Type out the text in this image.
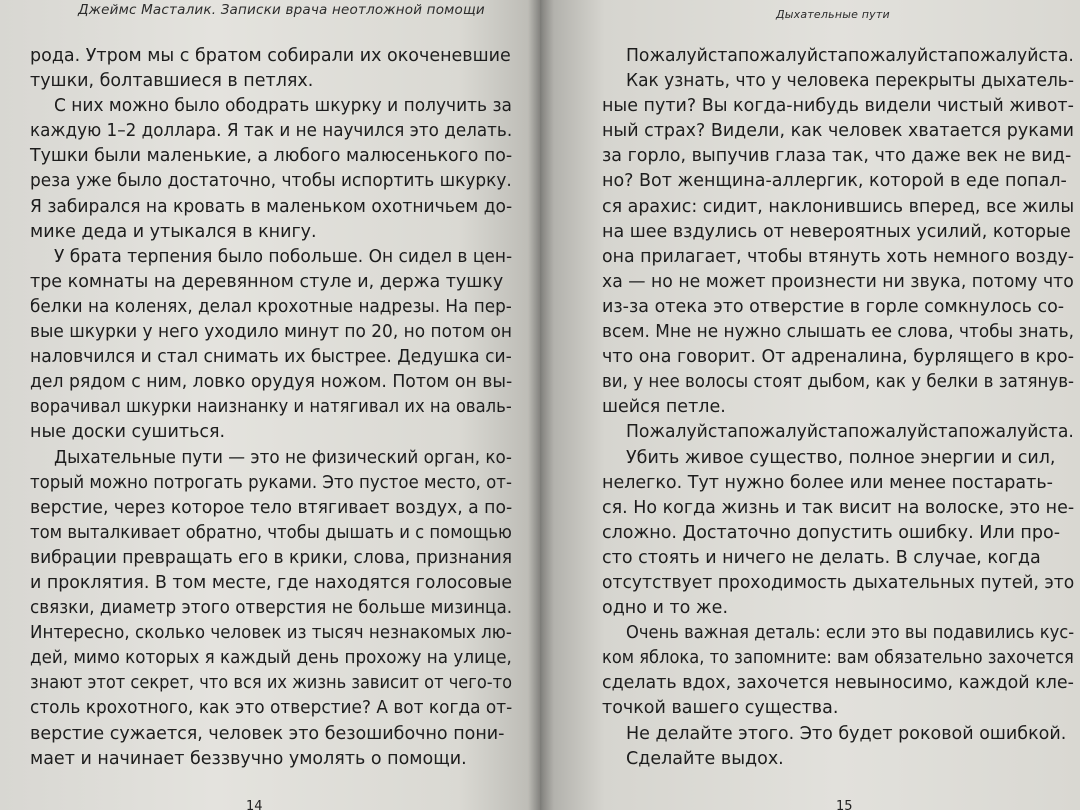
Джеймс Масталик. Записки врача неотложной помощи
рода. Утром мы с братом собирали их окоченевшие
тушки, болтавшиеся в петлях.
С них можно было ободрать шкурку и получить за
каждую 1–2 доллара. Я так и не научился это делать.
Тушки были маленькие, а любого малюсенького по-
реза уже было достаточно, чтобы испортить шкурку.
Я забирался на кровать в маленьком охотничьем до-
мике деда и утыкался в книгу.
У брата терпения было побольше. Он сидел в цен-
тре комнаты на деревянном стуле и, держа тушку
белки на коленях, делал крохотные надрезы. На пер-
вые шкурки у него уходило минут по 20, но потом он
наловчился и стал снимать их быстрее. Дедушка си-
дел рядом с ним, ловко орудуя ножом. Потом он вы-
ворачивал шкурки наизнанку и натягивал их на оваль-
ные доски сушиться.
Дыхательные пути — это не физический орган, ко-
торый можно потрогать руками. Это пустое место, от-
верстие, через которое тело втягивает воздух, а по-
том выталкивает обратно, чтобы дышать и с помощью
вибрации превращать его в крики, слова, признания
и проклятия. В том месте, где находятся голосовые
связки, диаметр этого отверстия не больше мизинца.
Интересно, сколько человек из тысяч незнакомых лю-
дей, мимо которых я каждый день прохожу на улице,
знают этот секрет, что вся их жизнь зависит от чего-то
столь крохотного, как это отверстие? А вот когда от-
верстие сужается, человек это безошибочно пони-
мает и начинает беззвучно умолять о помощи.
14
Дыхательные пути
Пожалуйстапожалуйстапожалуйстапожалуйста.
Как узнать, что у человека перекрыты дыхатель-
ные пути? Вы когда-нибудь видели чистый живот-
ный страх? Видели, как человек хватается руками
за горло, выпучив глаза так, что даже век не вид-
но? Вот женщина-аллергик, которой в еде попал-
ся арахис: сидит, наклонившись вперед, все жилы
на шее вздулись от невероятных усилий, которые
она прилагает, чтобы втянуть хоть немного возду-
ха — но не может произнести ни звука, потому что
из-за отека это отверстие в горле сомкнулось со-
всем. Мне не нужно слышать ее слова, чтобы знать,
что она говорит. От адреналина, бурлящего в кро-
ви, у нее волосы стоят дыбом, как у белки в затянув-
шейся петле.
Пожалуйстапожалуйстапожалуйстапожалуйста.
Убить живое существо, полное энергии и сил,
нелегко. Тут нужно более или менее постарать-
ся. Но когда жизнь и так висит на волоске, это не-
сложно. Достаточно допустить ошибку. Или про-
сто стоять и ничего не делать. В случае, когда
отсутствует проходимость дыхательных путей, это
одно и то же.
Очень важная деталь: если это вы подавились кус-
ком яблока, то запомните: вам обязательно захочется
сделать вдох, захочется невыносимо, каждой кле-
точкой вашего существа.
Не делайте этого. Это будет роковой ошибкой.
Сделайте выдох.
15
